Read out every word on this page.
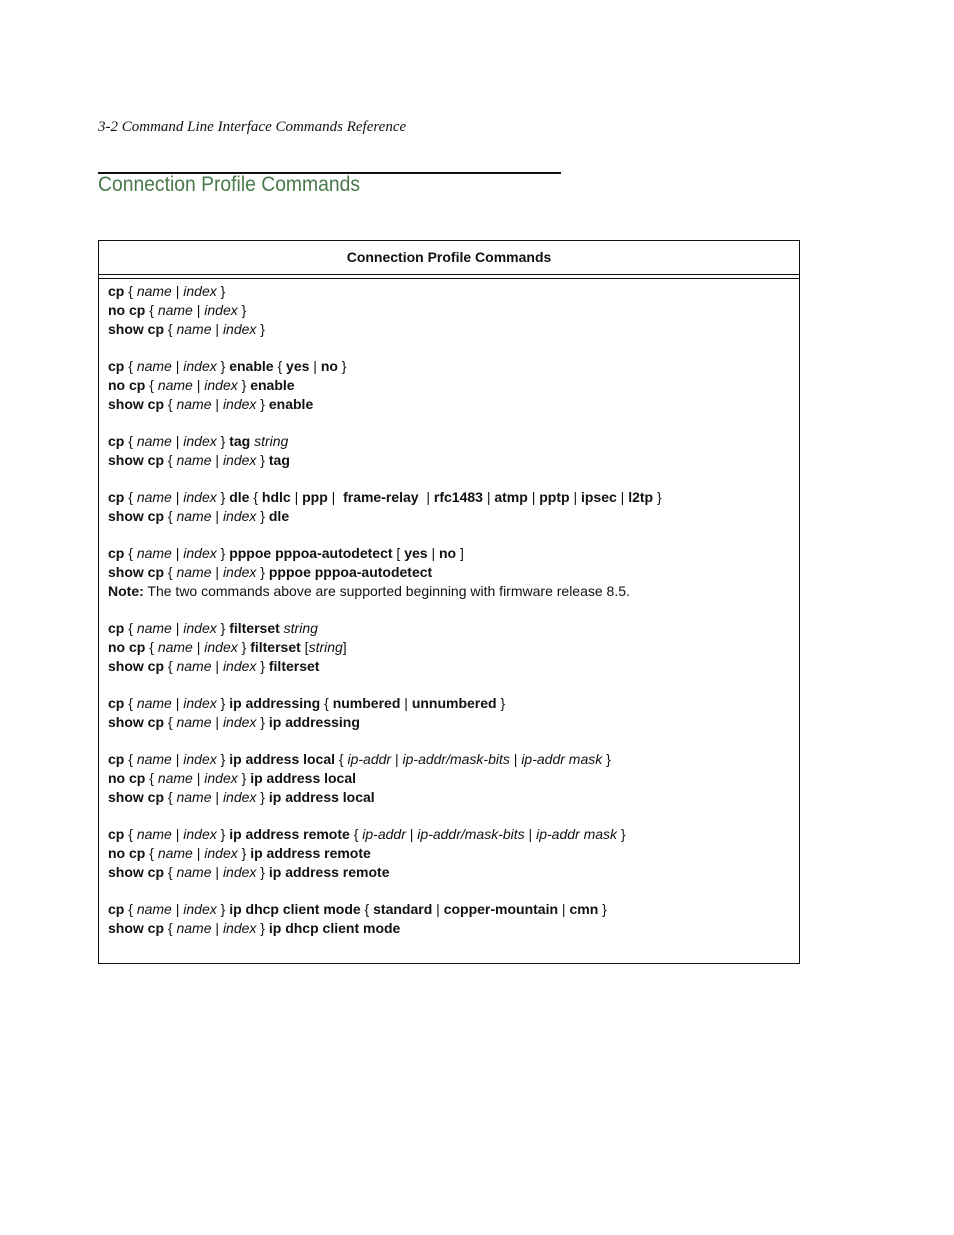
3-2 Command Line Interface Commands Reference
Connection Profile Commands
Connection Profile Commands
cp { name | index }
no cp { name | index }
show cp { name | index }
cp { name | index } enable { yes | no }
no cp { name | index } enable
show cp { name | index } enable
cp { name | index } tag string
show cp { name | index } tag
cp { name | index } dle { hdlc | ppp |  frame-relay  | rfc1483 | atmp | pptp | ipsec | l2tp }
show cp { name | index } dle
cp { name | index } pppoe pppoa-autodetect [ yes | no ]
show cp { name | index } pppoe pppoa-autodetect
Note: The two commands above are supported beginning with firmware release 8.5.
cp { name | index } filterset string
no cp { name | index } filterset [string]
show cp { name | index } filterset
cp { name | index } ip addressing { numbered | unnumbered }
show cp { name | index } ip addressing
cp { name | index } ip address local { ip-addr | ip-addr/mask-bits | ip-addr mask }
no cp { name | index } ip address local
show cp { name | index } ip address local
cp { name | index } ip address remote { ip-addr | ip-addr/mask-bits | ip-addr mask }
no cp { name | index } ip address remote
show cp { name | index } ip address remote
cp { name | index } ip dhcp client mode { standard | copper-mountain | cmn }
show cp { name | index } ip dhcp client mode
